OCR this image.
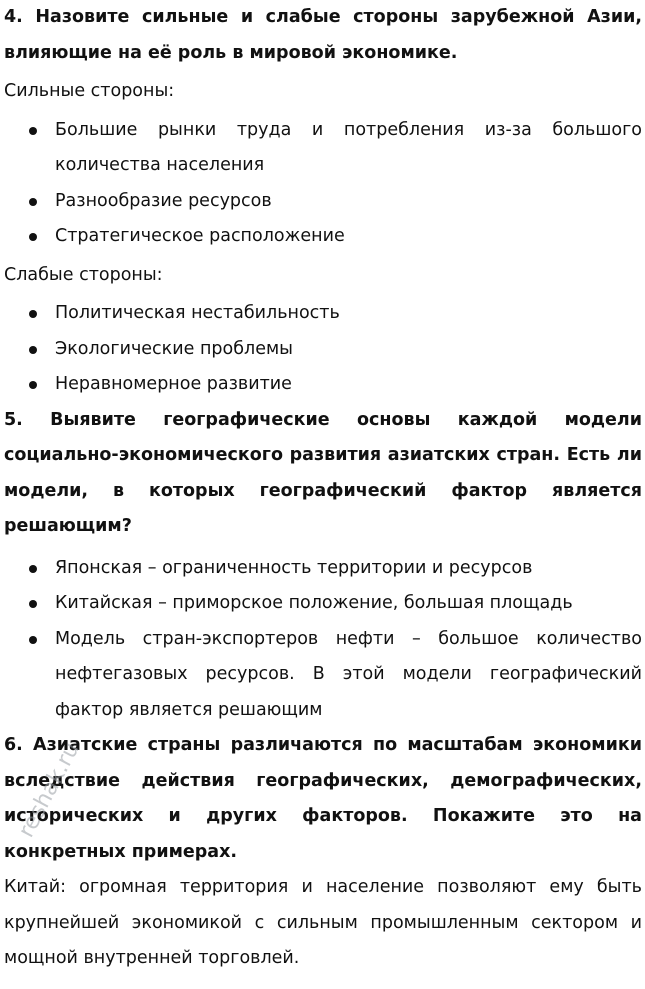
4. Назовите сильные и слабые стороны зарубежной Азии, влияющие на её роль в мировой экономике.

Сильные стороны:

Большие рынки труда и потребления из-за большого количества населения
Разнообразие ресурсов
Стратегическое расположение

Слабые стороны:

Политическая нестабильность
Экологические проблемы
Неравномерное развитие

5. Выявите географические основы каждой модели социально-экономического развития азиатских стран. Есть ли модели, в которых географический фактор является решающим?

Японская – ограниченность территории и ресурсов
Китайская – приморское положение, большая площадь
Модель стран-экспортеров нефти – большое количество нефтегазовых ресурсов. В этой модели географический фактор является решающим

6. Азиатские страны различаются по масштабам экономики вследствие действия географических, демографических, исторических и других факторов. Покажите это на конкретных примерах.

Китай: огромная территория и население позволяют ему быть крупнейшей экономикой с сильным промышленным сектором и мощной внутренней торговлей.

reshak.ru
